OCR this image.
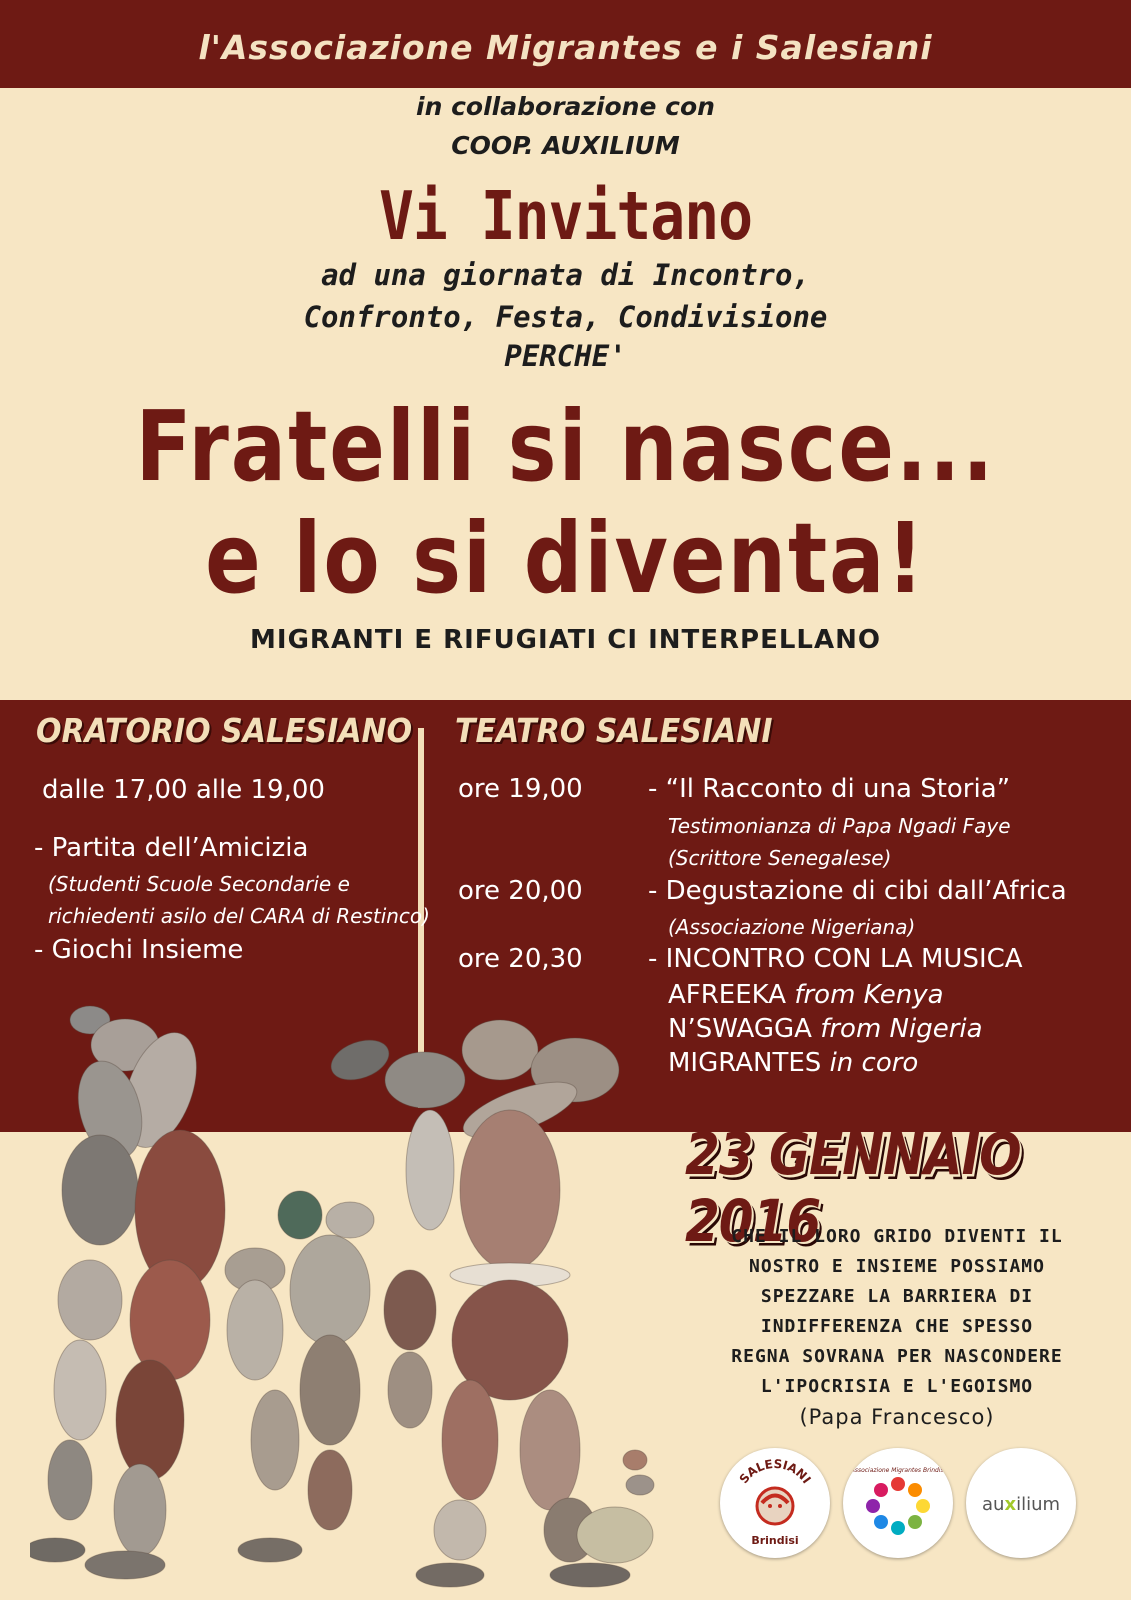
l'Associazione Migrantes e i Salesiani
in collaborazione con
COOP. AUXILIUM
Vi Invitano
ad una giornata di Incontro,
Confronto, Festa, Condivisione
PERCHE'
Fratelli si nasce...
e lo si diventa!
MIGRANTI E RIFUGIATI CI INTERPELLANO
ORATORIO SALESIANO
dalle 17,00 alle 19,00
- Partita dell’Amicizia
(Studenti Scuole Secondarie e
richiedenti asilo del CARA di Restinco)
- Giochi Insieme
TEATRO SALESIANI
ore 19,00	- “Il Racconto di una Storia”
Testimonianza di Papa Ngadi Faye
(Scrittore Senegalese)
ore 20,00	- Degustazione di cibi dall’Africa
(Associazione Nigeriana)
ore 20,30	- INCONTRO CON LA MUSICA
AFREEKA from Kenya
N’SWAGGA from Nigeria
MIGRANTES in coro
23 GENNAIO 2016
CHE IL LORO GRIDO DIVENTI IL
NOSTRO E INSIEME POSSIAMO
SPEZZARE LA BARRIERA DI
INDIFFERENZA CHE SPESSO
REGNA SOVRANA PER NASCONDERE
L'IPOCRISIA E L'EGOISMO
(Papa Francesco)
SALESIANI
Brindisi
Associazione Migrantes Brindisi
auxilium
